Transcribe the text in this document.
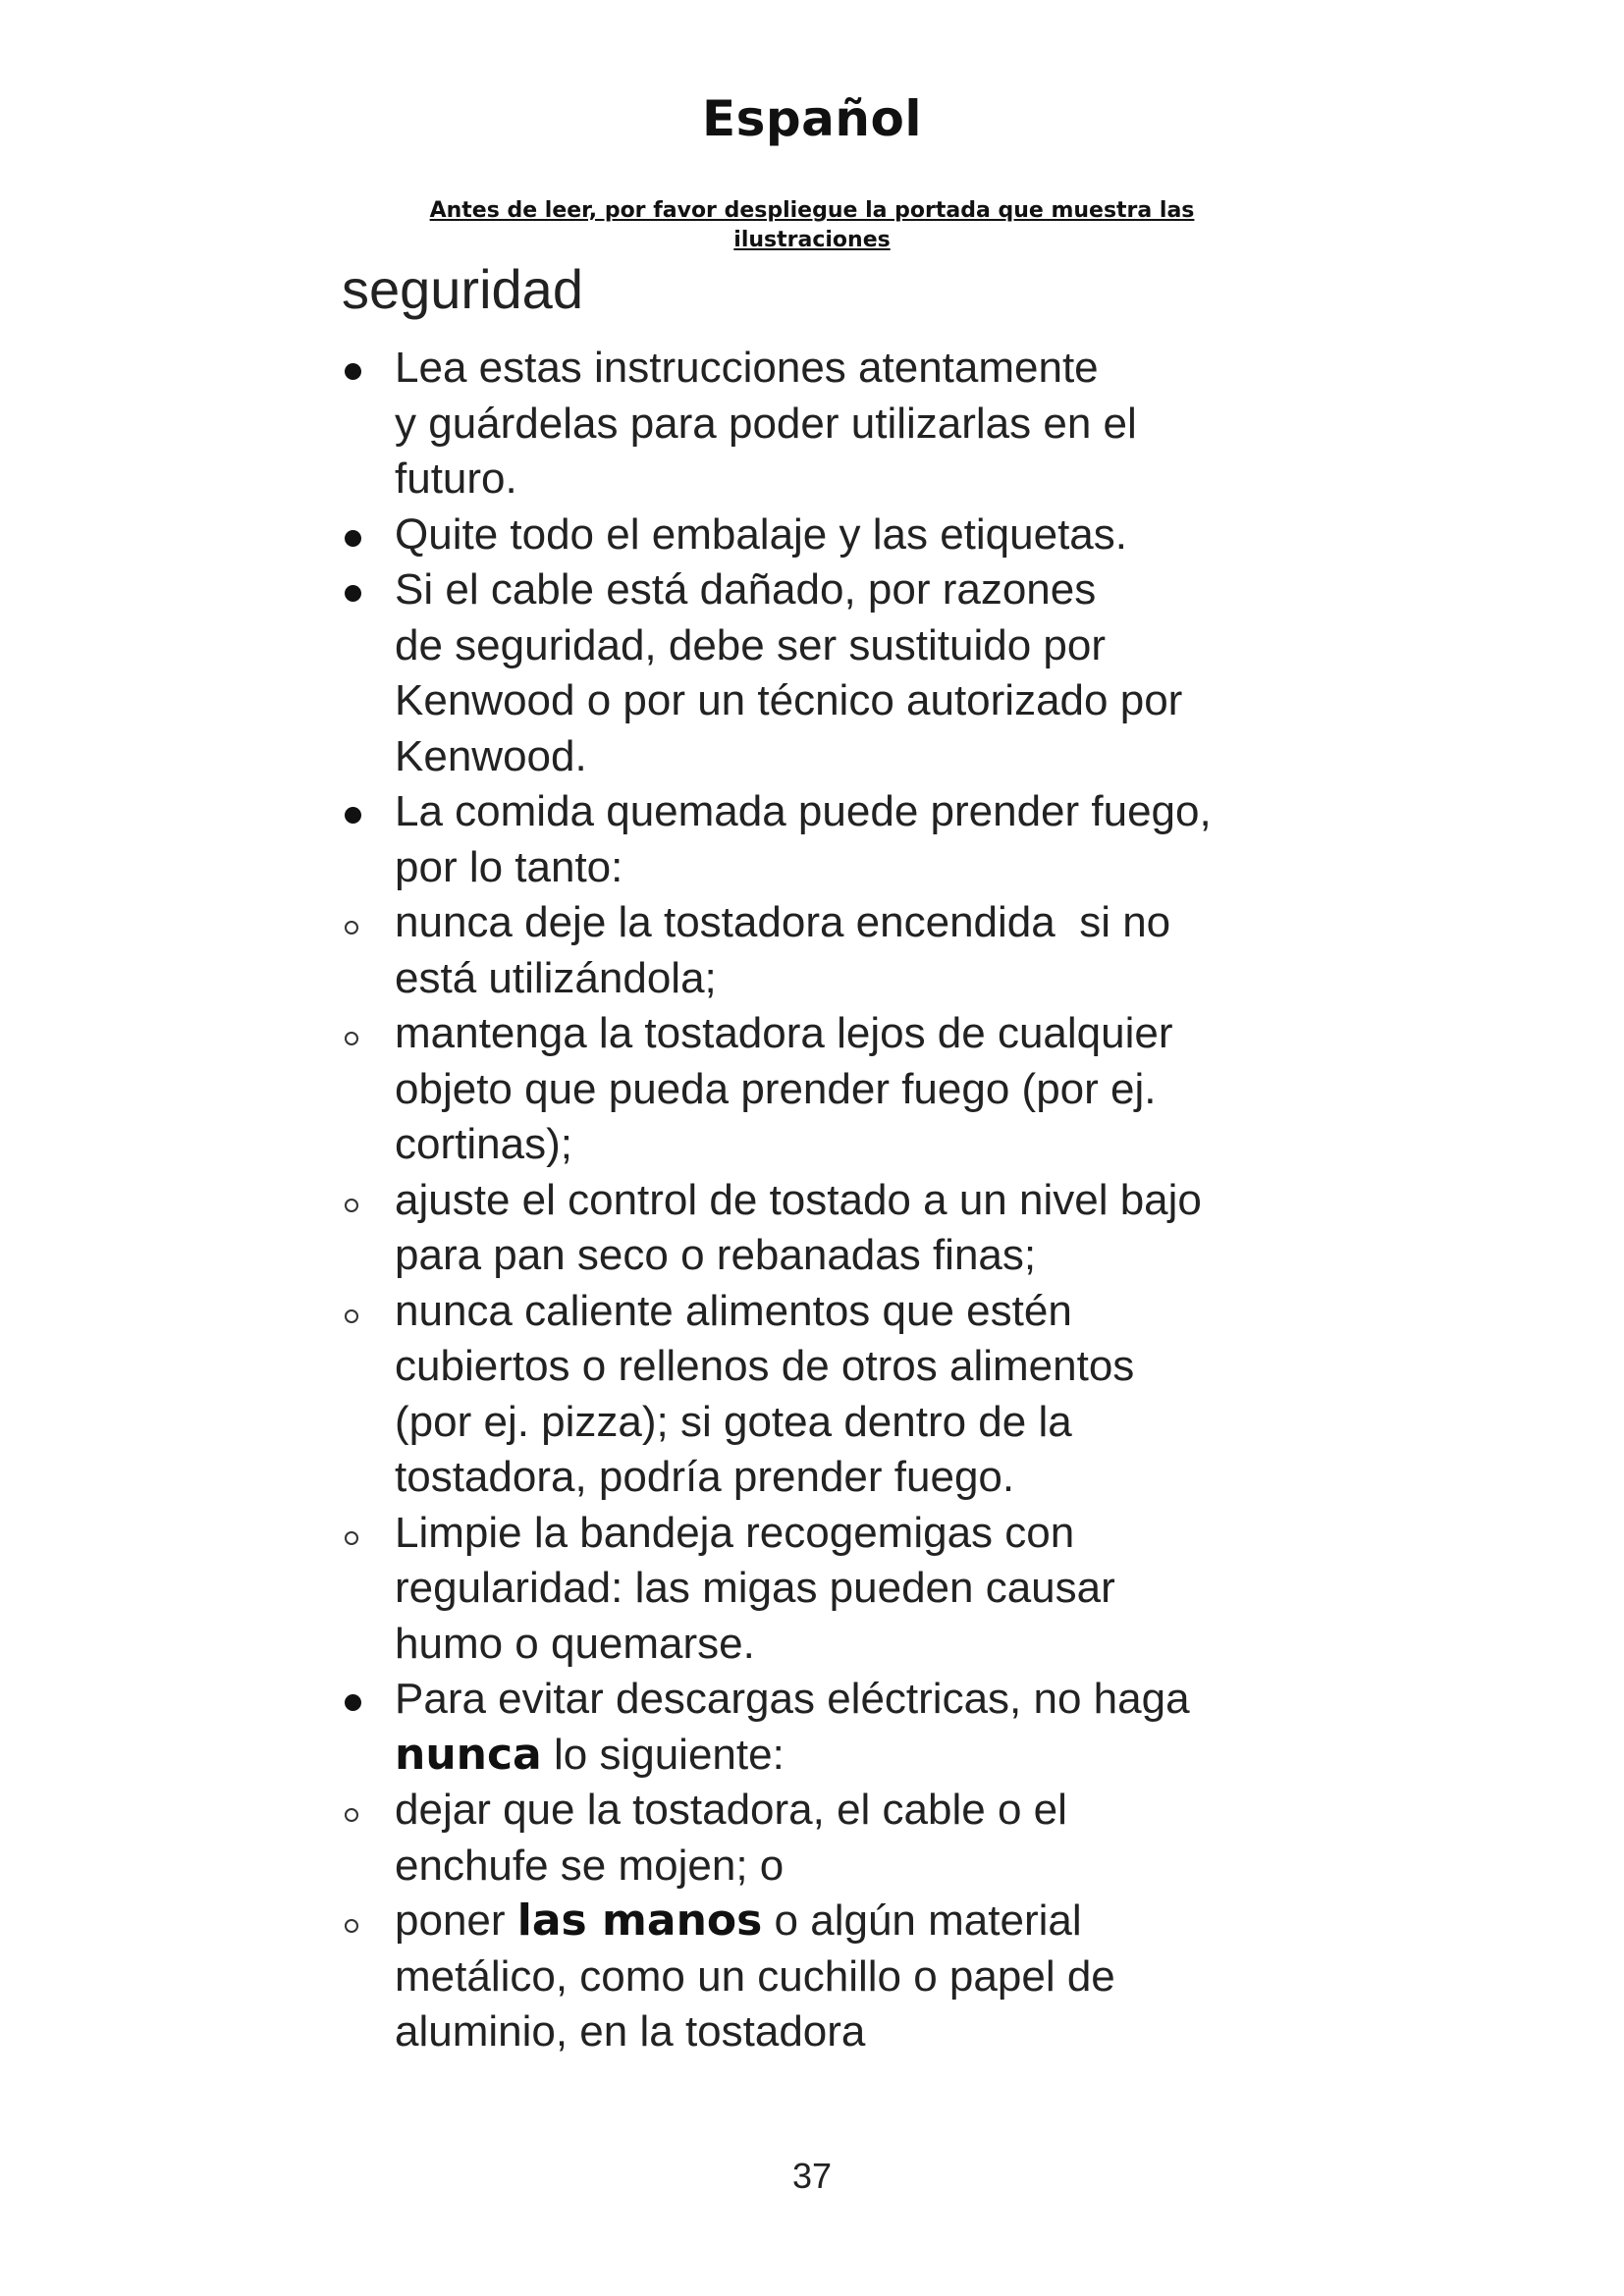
Español
Antes de leer, por favor despliegue la portada que muestra las
ilustraciones
seguridad
Lea estas instrucciones atentamente
y guárdelas para poder utilizarlas en el
futuro.
Quite todo el embalaje y las etiquetas.
Si el cable está dañado, por razones
de seguridad, debe ser sustituido por
Kenwood o por un técnico autorizado por
Kenwood.
La comida quemada puede prender fuego,
por lo tanto:
nunca deje la tostadora encendida  si no
está utilizándola;
mantenga la tostadora lejos de cualquier
objeto que pueda prender fuego (por ej.
cortinas);
ajuste el control de tostado a un nivel bajo
para pan seco o rebanadas finas;
nunca caliente alimentos que estén
cubiertos o rellenos de otros alimentos
(por ej. pizza); si gotea dentro de la
tostadora, podría prender fuego.
Limpie la bandeja recogemigas con
regularidad: las migas pueden causar
humo o quemarse.
Para evitar descargas eléctricas, no haga
nunca lo siguiente:
dejar que la tostadora, el cable o el
enchufe se mojen; o
poner las manos o algún material
metálico, como un cuchillo o papel de
aluminio, en la tostadora
37
